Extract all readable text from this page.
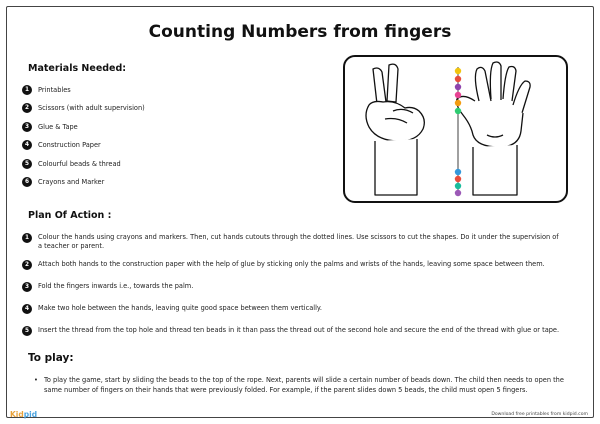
Counting Numbers from fingers
Materials Needed:
1	Printables
2	Scissors (with adult supervision)
3	Glue & Tape
4	Construction Paper
5	Colourful beads & thread
6	Crayons and Marker
Plan Of Action :
1	Colour the hands using crayons and markers. Then, cut hands cutouts through the dotted lines. Use scissors to cut the shapes. Do it under the supervision of a teacher or parent.
2	Attach both hands to the construction paper with the help of glue by sticking only the palms and wrists of the hands, leaving some space between them.
3	Fold the fingers inwards i.e., towards the palm.
4	Make two hole between the hands, leaving quite good space between them vertically.
5	Insert the thread from the top hole and thread ten beads in it than pass the thread out of the second hole and secure the end of the thread with glue or tape.
To play:
• To play the game, start by sliding the beads to the top of the rope. Next, parents will slide a certain number of beads down. The child then needs to open the same number of fingers on their hands that were previously folded. For example, if the parent slides down 5 beads, the child must open 5 fingers.
Kidpid	Download free printables from kidpid.com
